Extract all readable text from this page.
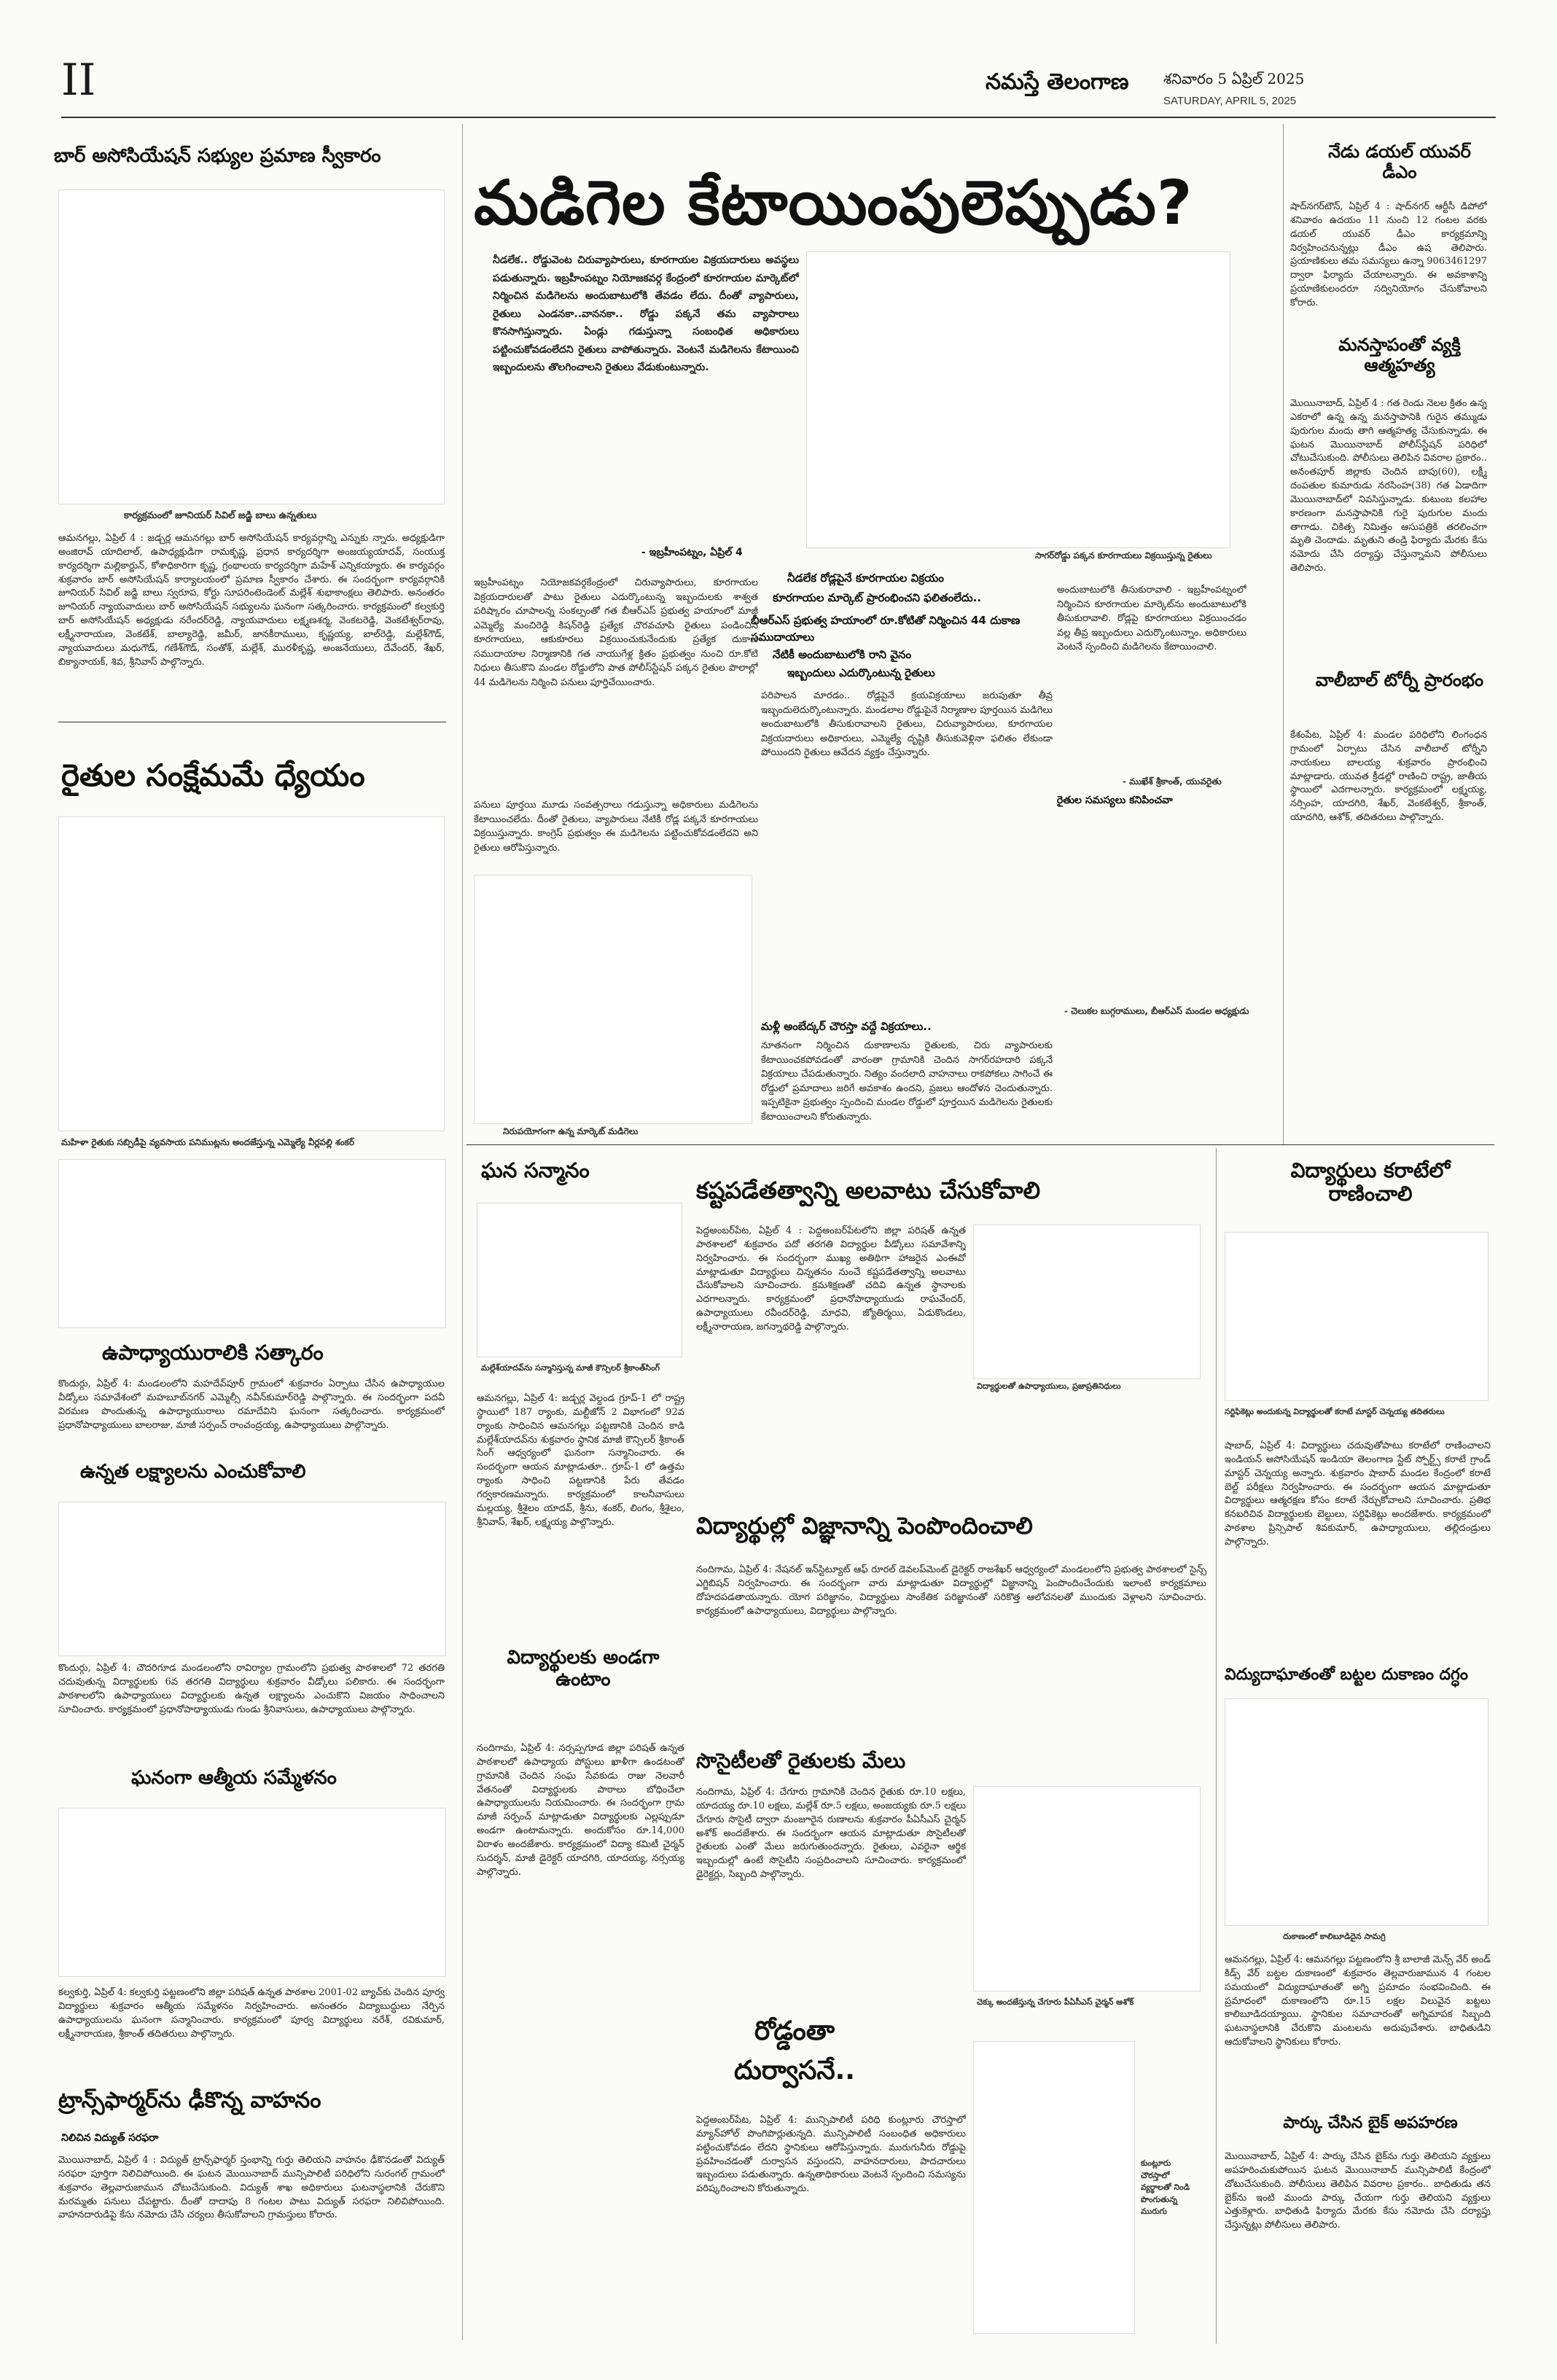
II	నమస్తే తెలంగాణ శనివారం 5 ఏప్రిల్ 2025
SATURDAY, APRIL 5, 2025
బార్ అసోసియేషన్ సభ్యుల ప్రమాణ స్వీకారం
కార్యక్రమంలో జూనియర్ సివిల్ జడ్జి బాలు ఉన్నతులు
ఆమనగల్లు, ఏప్రిల్ 4 : జడ్చర్ల ఆమనగల్లు బార్ అసోసియేషన్ కార్యవర్గాన్ని ఎన్నుకు న్నారు. అధ్యక్షుడిగా అంజిరావ్ యాదిలాల్, ఉపాధ్యక్షుడిగా రామకృష్ణ, ప్రధాన కార్యదర్శిగా అంజయ్యయాదవ్, సంయుక్త కార్యదర్శిగా మల్లికార్జున్, కోశాధికారిగా కృష్ణ, గ్రంథాలయ కార్యదర్శిగా మహేశ్ ఎన్నికయ్యారు. ఈ కార్యవర్గం శుక్రవారం బార్ అసోసియేషన్ కార్యాలయంలో ప్రమాణ స్వీకారం చేశారు. ఈ సందర్భంగా కార్యవర్గానికి జూనియర్ సివిల్ జడ్జి బాలు స్వరూప, కోర్టు సూపరింటెండెంట్ మల్లేశ్ శుభాకాంక్షలు తెలిపారు. అనంతరం జూనియర్ న్యాయవాదులు బార్ అసోసియేషన్ సభ్యులను ఘనంగా సత్కరించారు. కార్యక్రమంలో కల్వకుర్తి బార్ అసోసియేషన్ అధ్యక్షుడు నరేందర్‌రెడ్డి, న్యాయవాదులు లక్ష్మణశర్మ, వెంకటరెడ్డి, వెంకటేశ్వర్‌రావు, లక్ష్మీనారాయణ, వెంకటేశ్, బాల్యారెడ్డి, జమీర్, జానకీరాములు, కృష్ణయ్య, బాల్‌రెడ్డి, మల్లేశ్‌గౌడ్, న్యాయవాదులు మధుగౌడ్, గణేశ్‌గౌడ్, సంతోశ్, మల్లేశ్, మురళీకృష్ణ, అంజనేయులు, దేవేందర్, శేఖర్, బిక్యానాయక్, శివ, శ్రీనివాస్ పాల్గొన్నారు.
రైతుల సంక్షేమమే ధ్యేయం
మహిళా రైతుకు సబ్సిడీపై వ్యవసాయ పనిముట్లను అందజేస్తున్న ఎమ్మెల్యే వీర్లపల్లి శంకర్
ఉపాధ్యాయురాలికి సత్కారం
మడిగెల కేటాయింపులెప్పుడు?
నీడలేక.. రోడ్డువెంట చిరువ్యాపారులు, కూరగాయల విక్రయదారులు అవస్థలు పడుతున్నారు. ఇబ్రహీంపట్నం నియోజకవర్గ కేంద్రంలో కూరగాయల మార్కెట్‌లో నిర్మించిన మడిగెలను అందుబాటులోకి తేవడం లేదు. దీంతో వ్యాపారులు, రైతులు ఎండనకా..వాననకా.. రోడ్డు పక్కనే తమ వ్యాపారాలు కొనసాగిస్తున్నారు. ఏండ్లు గడుస్తున్నా సంబంధిత అధికారులు పట్టించుకోవడంలేదని రైతులు వాపోతున్నారు. వెంటనే మడిగెలను కేటాయించి ఇబ్బందులను తొలగించాలని రైతులు వేడుకుంటున్నారు.
- ఇబ్రహీంపట్నం, ఏప్రిల్ 4	సాగర్‌రోడ్డు పక్కన కూరగాయలు విక్రయిస్తున్న రైతులు
నీడలేక రోడ్లపైనే కూరగాయల విక్రయం
కూరగాయల మార్కెట్ ప్రారంభించని ఫలితంలేదు..
బీఆర్ఎస్ ప్రభుత్వ హయాంలో రూ.కోటితో నిర్మించిన 44 దుకాణ సముదాయాలు
నేటికీ అందుబాటులోకి రాని వైనం
ఇబ్బందులు ఎదుర్కొంటున్న రైతులు
ఇబ్రహీంపట్నం నియోజకవర్గకేంద్రంలో చిరువ్యాపారులు, కూరగాయల విక్రయదారులతో పాటు రైతులు ఎదుర్కొంటున్న ఇబ్బందులకు శాశ్వత పరిష్కారం చూపాలన్న సంకల్పంతో గత బీఆర్ఎస్ ప్రభుత్వ హయాంలో మాజీ ఎమ్మెల్యే మంచిరెడ్డి కిషన్‌రెడ్డి ప్రత్యేక చొరవచూపి రైతులు పండించిన కూరగాయలు, ఆకుకూరలు విక్రయించుకునేందుకు ప్రత్యేక దుకాణ సముదాయాల నిర్మాణానికి గత నాయుగేళ్ల క్రితం ప్రభుత్వం నుంచి రూ.కోటి నిధులు తీసుకొని మండల రోడ్డులోని పాత పోలీస్‌స్టేషన్ పక్కన రైతుల పొలాల్లో 44 మడిగెలను నిర్మించి పనులు పూర్తిచేయించారు.
పనులు పూర్తయి మూడు సంవత్సరాలు గడుస్తున్నా అధికారులు మడిగెలను కేటాయించలేదు. దీంతో రైతులు, వ్యాపారులు నేటికీ రోడ్ల పక్కనే కూరగాయలు విక్రయిస్తున్నారు. కాంగ్రెస్ ప్రభుత్వం ఈ మడిగెలను పట్టించుకోవడంలేదని అని రైతులు ఆరోపిస్తున్నారు.
నిరుపయోగంగా ఉన్న మార్కెట్ మడిగెలు
పరిపాలన మారడం.. రోడ్లపైనే క్రయవిక్రయాలు జరుపుతూ తీవ్ర ఇబ్బందులెదుర్కొంటున్నారు. మండలాల రోడ్డుపైనే నిర్మాణాల పూర్తయిన మడిగెలు అందుబాటులోకి తీసుకురావాలని రైతులు, చిరువ్యాపారులు, కూరగాయల విక్రయదారులు అధికారులు, ఎమ్మెల్యే దృష్టికి తీసుకువెళ్లినా ఫలితం లేకుండా పోయిందని రైతులు ఆవేదన వ్యక్తం చేస్తున్నారు.
మళ్లీ అంబేద్కర్ చౌరస్తా వద్దే విక్రయాలు..
నూతనంగా నిర్మించిన దుకాణాలను రైతులకు, చిరు వ్యాపారులకు కేటాయించకపోవడంతో వారంతా గ్రామానికి చెందిన సాగర్‌రహదారి పక్కనే విక్రయాలు చేపడుతున్నారు. నిత్యం వందలాది వాహనాలు రాకపోకలు సాగించే ఈ రోడ్డులో ప్రమాదాలు జరిగే అవకాశం ఉందని, ప్రజలు ఆందోళన చెందుతున్నారు. ఇప్పటికైనా ప్రభుత్వం స్పందించి మండల రోడ్డులో పూర్తయిన మడిగెలను రైతులకు కేటాయించాలని కోరుతున్నారు.
అందుబాటులోకి తీసుకురావాలి - ఇబ్రహీంపట్నంలో నిర్మించిన కూరగాయల మార్కెట్‌ను అందుబాటులోకి తీసుకురావాలి. రోడ్లపై కూరగాయలు విక్రయించడం వల్ల తీవ్ర ఇబ్బందులు ఎదుర్కొంటున్నాం. అధికారులు వెంటనే స్పందించి మడిగెలను కేటాయించాలి.
- ముఖేశ్ శ్రీకాంత్, యువరైతు
రైతుల సమస్యలు కనిపించవా
- చెలుకల బుగ్గరాములు, బీఆర్ఎస్ మండల అధ్యక్షుడు
నేడు డయల్ యువర్ డీఎం
షాద్‌నగర్‌టౌన్, ఏప్రిల్ 4 : షాద్‌నగర్ ఆర్టీసీ డిపోలో శనివారం ఉదయం 11 నుంచి 12 గంటల వరకు డయల్ యువర్ డీఎం కార్యక్రమాన్ని నిర్వహించనున్నట్లు డీఎం ఉష తెలిపారు. ప్రయాణికులు తమ సమస్యలు ఉన్నా 9063461297 ద్వారా ఫిర్యాదు చేయాలన్నారు. ఈ అవకాశాన్ని ప్రయాణికులందరూ సద్వినియోగం చేసుకోవాలని కోరారు.
మనస్తాపంతో వ్యక్తి ఆత్మహత్య
మొయినాబాద్, ఏప్రిల్ 4 : గత రెండు నెలల క్రితం ఉన్న ఎకరాలో ఉన్న ఉన్న మనస్తాపానికి గురైన తమ్ముడు పురుగుల మందు తాగి ఆత్మహత్య చేసుకున్నాడు. ఈ ఘటన మొయినాబాద్ పోలీస్‌స్టేషన్ పరిధిలో చోటుచేసుకుంది. పోలీసులు తెలిపిన వివరాల ప్రకారం.. అనంతపూర్ జిల్లాకు చెందిన బాపు(60), లక్ష్మీ దంపతుల కుమారుడు నరసింహ(38) గత ఏడాదిగా మొయినాబాద్‌లో నివసిస్తున్నాడు. కుటుంబ కలహాల కారణంగా మనస్తాపానికి గురై పురుగుల మందు తాగాడు. చికిత్స నిమిత్తం ఆసుపత్రికి తరలించగా మృతి చెందాడు. మృతుని తండ్రి ఫిర్యాదు మేరకు కేసు నమోదు చేసి దర్యాప్తు చేస్తున్నామని పోలీసులు తెలిపారు.
వాలీబాల్ టోర్నీ ప్రారంభం
కేశంపేట, ఏప్రిల్ 4: మండల పరిధిలోని లింగంధన గ్రామంలో ఏర్పాటు చేసిన వాలీబాల్ టోర్నీని నాయకులు బాలయ్య శుక్రవారం ప్రారంభించి మాట్లాడారు. యువత క్రీడల్లో రాణించి రాష్ట్ర, జాతీయ స్థాయిలో ఎదగాలన్నారు. కార్యక్రమంలో లక్ష్మయ్య, నర్సింహ, యాదగిరి, శేఖర్, వెంకటేశ్వర్, శ్రీకాంత్, యాదగిరి, ఆశోక్, తదితరులు పాల్గొన్నారు.
ఘన సన్మానం
మల్లేశ్‌యాదవ్‌ను సన్మానిస్తున్న మాజీ కౌన్సిలర్ శ్రీకాంత్‌సింగ్
ఆమనగల్లు, ఏప్రిల్ 4: జడ్చర్ల వెల్దండ గ్రూప్-1 లో రాష్ట్ర స్థాయిలో 187 ర్యాంకు, మల్టీజోన్ 2 విభాగంలో 92వ ర్యాంకు సాధించిన ఆమనగల్లు పట్టణానికి చెందిన కాడి మల్లేశ్‌యాదవ్‌ను శుక్రవారం స్థానిక మాజీ కౌన్సిలర్ శ్రీకాంత్ సింగ్ ఆధ్వర్యంలో ఘనంగా సన్మానించారు. ఈ సందర్భంగా ఆయన మాట్లాడుతూ.. గ్రూప్-1 లో ఉత్తమ ర్యాంకు సాధించి పట్టణానికి పేరు తేవడం గర్వకారణమన్నారు. కార్యక్రమంలో కాలనీవాసులు మల్లయ్య, శ్రీశైలం యాదవ్, శ్రీను, శంకర్, లింగం, శ్రీశైలం, శ్రీనివాస్, శేఖర్, లక్ష్మయ్య పాల్గొన్నారు.
కష్టపడేతత్వాన్ని అలవాటు చేసుకోవాలి
పెద్దఅంబర్‌పేట, ఏప్రిల్ 4 : పెద్దఅంబర్‌పేటలోని జిల్లా పరిషత్ ఉన్నత పాఠశాలలో శుక్రవారం పదో తరగతి విద్యార్థుల వీడ్కోలు సమావేశాన్ని నిర్వహించారు. ఈ సందర్భంగా ముఖ్య అతిథిగా హాజరైన ఎంఈవో మాట్లాడుతూ విద్యార్థులు చిన్నతనం నుంచే కష్టపడేతత్వాన్ని అలవాటు చేసుకోవాలని సూచించారు. క్రమశిక్షణతో చదివి ఉన్నత స్థానాలకు ఎదగాలన్నారు. కార్యక్రమంలో ప్రధానోపాధ్యాయుడు రాఘవేందర్, ఉపాధ్యాయులు రవీందర్‌రెడ్డి, మాధవి, జ్యోతిర్మయి, ఏడుకొండలు, లక్ష్మీనారాయణ, జగన్నాథరెడ్డి పాల్గొన్నారు.
విద్యార్థులతో ఉపాధ్యాయులు, ప్రజాప్రతినిధులు
విద్యార్థులు కరాటేలో రాణించాలి
సర్టిఫికెట్లు అందుకున్న విద్యార్థులతో కరాటే మాస్టర్ చెన్నయ్య తదితరులు
షాబాద్, ఏప్రిల్ 4: విద్యార్థులు చదువుతోపాటు కరాటేలో రాణించాలని ఇండియన్ అసోసియేషన్ ఇండియా తెలంగాణ స్టేట్ స్పోర్ట్స్ కరాటే గ్రాండ్ మాస్టర్ చెన్నయ్య అన్నారు. శుక్రవారం షాబాద్ మండల కేంద్రంలో కరాటే బెల్ట్ పరీక్షలు నిర్వహించారు. ఈ సందర్భంగా ఆయన మాట్లాడుతూ విద్యార్థులు ఆత్మరక్షణ కోసం కరాటే నేర్చుకోవాలని సూచించారు. ప్రతిభ కనబరిచిన విద్యార్థులకు బెల్టులు, సర్టిఫికెట్లు అందజేశారు. కార్యక్రమంలో పాఠశాల ప్రిన్సిపాల్ శివకుమార్, ఉపాధ్యాయులు, తల్లిదండ్రులు పాల్గొన్నారు.
కొందుర్గు, ఏప్రిల్ 4: మండలంలోని మహదేవ్‌పూర్ గ్రామంలో శుక్రవారం ఏర్పాటు చేసిన ఉపాధ్యాయుల వీడ్కోలు సమావేశంలో మహబూబ్‌నగర్ ఎమ్మెల్సీ నవీన్‌కుమార్‌రెడ్డి పాల్గొన్నారు. ఈ సందర్భంగా పదవీ విరమణ పొందుతున్న ఉపాధ్యాయురాలు రమాదేవిని ఘనంగా సత్కరించారు. కార్యక్రమంలో ప్రధానోపాధ్యాయులు బాలరాజు, మాజీ సర్పంచ్ రాంచంద్రయ్య, ఉపాధ్యాయులు పాల్గొన్నారు.
ఉన్నత లక్ష్యాలను ఎంచుకోవాలి
కొందుర్గు, ఏప్రిల్ 4: చౌదరిగూడ మండలంలోని రావిర్యాల గ్రామంలోని ప్రభుత్వ పాఠశాలలో 72 తరగతి చదువుతున్న విద్యార్థులకు 6వ తరగతి విద్యార్థులు శుక్రవారం వీడ్కోలు పలికారు. ఈ సందర్భంగా పాఠశాలలోని ఉపాధ్యాయులు విద్యార్థులకు ఉన్నత లక్ష్యాలను ఎంచుకొని విజయం సాధించాలని సూచించారు. కార్యక్రమంలో ప్రధానోపాధ్యాయుడు గుండు శ్రీనివాసులు, ఉపాధ్యాయులు పాల్గొన్నారు.
ఘనంగా ఆత్మీయ సమ్మేళనం
కల్వకుర్తి, ఏప్రిల్ 4: కల్వకుర్తి పట్టణంలోని జిల్లా పరిషత్ ఉన్నత పాఠశాల 2001-02 బ్యాచ్‌కు చెందిన పూర్వ విద్యార్థులు శుక్రవారం ఆత్మీయ సమ్మేళనం నిర్వహించారు. అనంతరం విద్యాబుద్ధులు నేర్పిన ఉపాధ్యాయులను ఘనంగా సన్మానించారు. కార్యక్రమంలో పూర్వ విద్యార్థులు నరేశ్, రవికుమార్, లక్ష్మీనారాయణ, శ్రీకాంత్ తదితరులు పాల్గొన్నారు.
విద్యార్థుల్లో విజ్ఞానాన్ని పెంపొందించాలి
నందిగామ, ఏప్రిల్ 4: నేషనల్ ఇన్‌స్టిట్యూట్ ఆఫ్ రూరల్ డెవలప్‌మెంట్ డైరెక్టర్ రాజశేఖర్ ఆధ్వర్యంలో మండలంలోని ప్రభుత్వ పాఠశాలలో సైన్స్ ఎగ్జిబిషన్ నిర్వహించారు. ఈ సందర్భంగా వారు మాట్లాడుతూ విద్యార్థుల్లో విజ్ఞానాన్ని పెంపొందించేందుకు ఇలాంటి కార్యక్రమాలు దోహదపడతాయన్నారు. యోగ పరిజ్ఞానం, విద్యార్థులు సాంకేతిక పరిజ్ఞానంతో సరికొత్త ఆలోచనలతో ముందుకు వెళ్లాలని సూచించారు. కార్యక్రమంలో ఉపాధ్యాయులు, విద్యార్థులు పాల్గొన్నారు.
విద్యార్థులకు అండగా ఉంటాం
నందిగామ, ఏప్రిల్ 4: నర్సప్పగూడ జిల్లా పరిషత్ ఉన్నత పాఠశాలలో ఉపాధ్యాయ పోస్టులు ఖాళీగా ఉండటంతో గ్రామానికి చెందిన సంఘ సేవకుడు రాజు నెలవారీ వేతనంతో విద్యార్థులకు పాఠాలు బోధించేలా ఉపాధ్యాయులను నియమించారు. ఈ సందర్భంగా గ్రామ మాజీ సర్పంచ్ మాట్లాడుతూ విద్యార్థులకు ఎల్లప్పుడూ అండగా ఉంటామన్నారు. అందుకోసం రూ.14,000 విరాళం అందజేశారు. కార్యక్రమంలో విద్యా కమిటీ చైర్మన్ సుదర్శన్, మాజీ డైరెక్టర్ యాదగిరి, యాదయ్య, నర్సయ్య పాల్గొన్నారు.
సొసైటీలతో రైతులకు మేలు
నందిగామ, ఏప్రిల్ 4: చేగూరు గ్రామానికి చెందిన రైతుకు రూ.10 లక్షలు, యాదయ్య రూ.10 లక్షలు, మల్లేశ్ రూ.5 లక్షలు, అంజయ్యకు రూ.5 లక్షలు చేగూరు సొసైటీ ద్వారా మంజూరైన రుణాలను శుక్రవారం పీఏసీఎస్ చైర్మన్ అశోక్ అందజేశారు. ఈ సందర్భంగా ఆయన మాట్లాడుతూ సొసైటీలతో రైతులకు ఎంతో మేలు జరుగుతుందన్నారు. రైతులు, ఎవరైనా ఆర్థిక ఇబ్బందుల్లో ఉంటే సొసైటీని సంప్రదించాలని సూచించారు. కార్యక్రమంలో డైరెక్టర్లు, సిబ్బంది పాల్గొన్నారు.
చెక్కు అందజేస్తున్న చేగూరు పీఏసీఎస్ చైర్మన్ అశోక్
రోడ్డంతా దుర్వాసనే..
పెద్దఅంబర్‌పేట, ఏప్రిల్ 4: మున్సిపాలిటీ పరిధి కుంట్లూరు చౌరస్తాలో మ్యాన్‌హోల్ పొంగిపొర్లుతున్నది. మున్సిపాలిటీ సంబంధిత అధికారులు పట్టించుకోవడం లేదని స్థానికులు ఆరోపిస్తున్నారు. మురుగునీరు రోడ్డుపై ప్రవహించడంతో దుర్వాసన వస్తుందని, వాహనదారులు, పాదచారులు ఇబ్బందులు పడుతున్నారు. ఉన్నతాధికారులు వెంటనే స్పందించి సమస్యను పరిష్కరించాలని కోరుతున్నారు.
కుంట్లూరు చౌరస్తాలో వ్యర్థాలతో నిండి పొంగుతున్న మురుగు
విద్యుదాఘాతంతో బట్టల దుకాణం దగ్ధం
దుకాణంలో కాలిబూడిదైన సామగ్రి
ఆమనగల్లు, ఏప్రిల్ 4: ఆమనగల్లు పట్టణంలోని శ్రీ బాలాజీ మెన్స్ వేర్ అండ్ కిడ్స్ వేర్ బట్టల దుకాణంలో శుక్రవారం తెల్లవారుజామున 4 గంటల సమయంలో విద్యుదాఘాతంతో అగ్ని ప్రమాదం సంభవించింది. ఈ ప్రమాదంలో దుకాణంలోని రూ.15 లక్షల విలువైన బట్టలు కాలిబూడిదయ్యాయి. స్థానికుల సమాచారంతో అగ్నిమాపక సిబ్బంది ఘటనాస్థలానికి చేరుకొని మంటలను అదుపుచేశారు. బాధితుడిని ఆదుకోవాలని స్థానికులు కోరారు.
పార్కు చేసిన బైక్ అపహరణ
మొయినాబాద్, ఏప్రిల్ 4: పార్కు చేసిన బైక్‌ను గుర్తు తెలియని వ్యక్తులు అపహరించుకుపోయిన ఘటన మొయినాబాద్ మున్సిపాలిటీ కేంద్రంలో చోటుచేసుకుంది. పోలీసులు తెలిపిన వివరాల ప్రకారం.. బాధితుడు తన బైక్‌ను ఇంటి ముందు పార్కు చేయగా గుర్తు తెలియని వ్యక్తులు ఎత్తుకెళ్లారు. బాధితుడి ఫిర్యాదు మేరకు కేసు నమోదు చేసి దర్యాప్తు చేస్తున్నట్లు పోలీసులు తెలిపారు.
ట్రాన్స్‌ఫార్మర్‌ను ఢీకొన్న వాహనం
నిలిచిన విద్యుత్ సరఫరా
మొయినాబాద్, ఏప్రిల్ 4 : విద్యుత్ ట్రాన్స్‌ఫార్మర్ స్తంభాన్ని గుర్తు తెలియని వాహనం ఢీకొనడంతో విద్యుత్ సరఫరా పూర్తిగా నిలిచిపోయింది. ఈ ఘటన మొయినాబాద్ మున్సిపాలిటీ పరిధిలోని సురంగల్ గ్రామంలో శుక్రవారం తెల్లవారుజామున చోటుచేసుకుంది. విద్యుత్ శాఖ అధికారులు ఘటనాస్థలానికి చేరుకొని మరమ్మతు పనులు చేపట్టారు. దీంతో దాదాపు 8 గంటల పాటు విద్యుత్ సరఫరా నిలిచిపోయింది. వాహనదారుడిపై కేసు నమోదు చేసి చర్యలు తీసుకోవాలని గ్రామస్తులు కోరారు.
